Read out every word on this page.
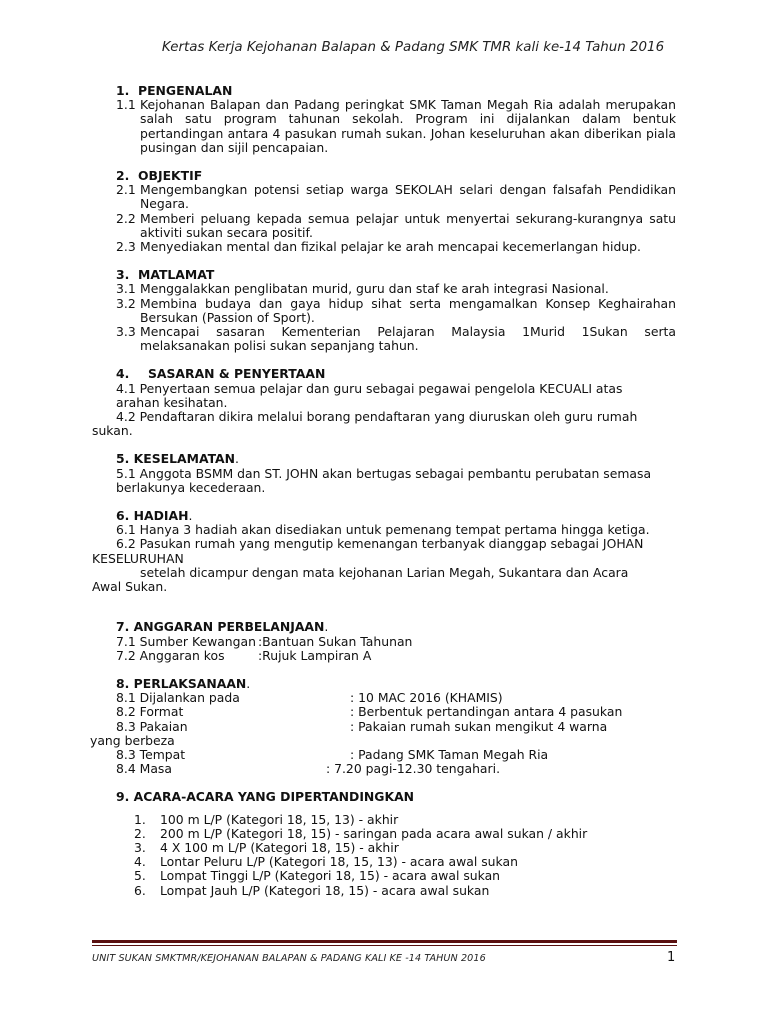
Kertas Kerja Kejohanan Balapan & Padang SMK TMR kali ke-14 Tahun 2016
1. PENGENALAN
1.1 Kejohanan Balapan dan Padang peringkat SMK Taman Megah Ria adalah merupakan salah satu program tahunan sekolah. Program ini dijalankan dalam bentuk pertandingan antara 4 pasukan rumah sukan. Johan keseluruhan akan diberikan piala pusingan dan sijil pencapaian.
2. OBJEKTIF
2.1 Mengembangkan potensi setiap warga SEKOLAH selari dengan falsafah Pendidikan Negara.
2.2 Memberi peluang kepada semua pelajar untuk menyertai sekurang-kurangnya satu aktiviti sukan secara positif.
2.3 Menyediakan mental dan fizikal pelajar ke arah mencapai kecemerlangan hidup.
3. MATLAMAT
3.1 Menggalakkan penglibatan murid, guru dan staf ke arah integrasi Nasional.
3.2 Membina budaya dan gaya hidup sihat serta mengamalkan Konsep Keghairahan Bersukan (Passion of Sport).
3.3 Mencapai sasaran Kementerian Pelajaran Malaysia 1Murid 1Sukan serta melaksanakan polisi sukan sepanjang tahun.
4. SASARAN & PENYERTAAN
4.1 Penyertaan semua pelajar dan guru sebagai pegawai pengelola KECUALI atas
arahan kesihatan.
4.2 Pendaftaran dikira melalui borang pendaftaran yang diuruskan oleh guru rumah
sukan.
5. KESELAMATAN.
5.1 Anggota BSMM dan ST. JOHN akan bertugas sebagai pembantu perubatan semasa
berlakunya kecederaan.
6. HADIAH.
6.1 Hanya 3 hadiah akan disediakan untuk pemenang tempat pertama hingga ketiga.
6.2 Pasukan rumah yang mengutip kemenangan terbanyak dianggap sebagai JOHAN
KESELURUHAN
setelah dicampur dengan mata kejohanan Larian Megah, Sukantara dan Acara
Awal Sukan.
7. ANGGARAN PERBELANJAAN.
7.1 Sumber Kewangan :Bantuan Sukan Tahunan
7.2 Anggaran kos	:Rujuk Lampiran A
8. PERLAKSANAAN.
8.1 Dijalankan pada	: 10 MAC 2016 (KHAMIS)
8.2 Format	: Berbentuk pertandingan antara 4 pasukan
8.3 Pakaian	: Pakaian rumah sukan mengikut 4 warna
yang berbeza
8.3 Tempat	: Padang SMK Taman Megah Ria
8.4 Masa	: 7.20 pagi-12.30 tengahari.
9. ACARA-ACARA YANG DIPERTANDINGKAN
1.	100 m L/P (Kategori 18, 15, 13) - akhir
2.	200 m L/P (Kategori 18, 15) - saringan pada acara awal sukan / akhir
3.	4 X 100 m L/P (Kategori 18, 15) - akhir
4.	Lontar Peluru L/P (Kategori 18, 15, 13) - acara awal sukan
5.	Lompat Tinggi L/P (Kategori 18, 15) - acara awal sukan
6.	Lompat Jauh L/P (Kategori 18, 15) - acara awal sukan
UNIT SUKAN SMKTMR/KEJOHANAN BALAPAN & PADANG KALI KE -14 TAHUN 2016	1
